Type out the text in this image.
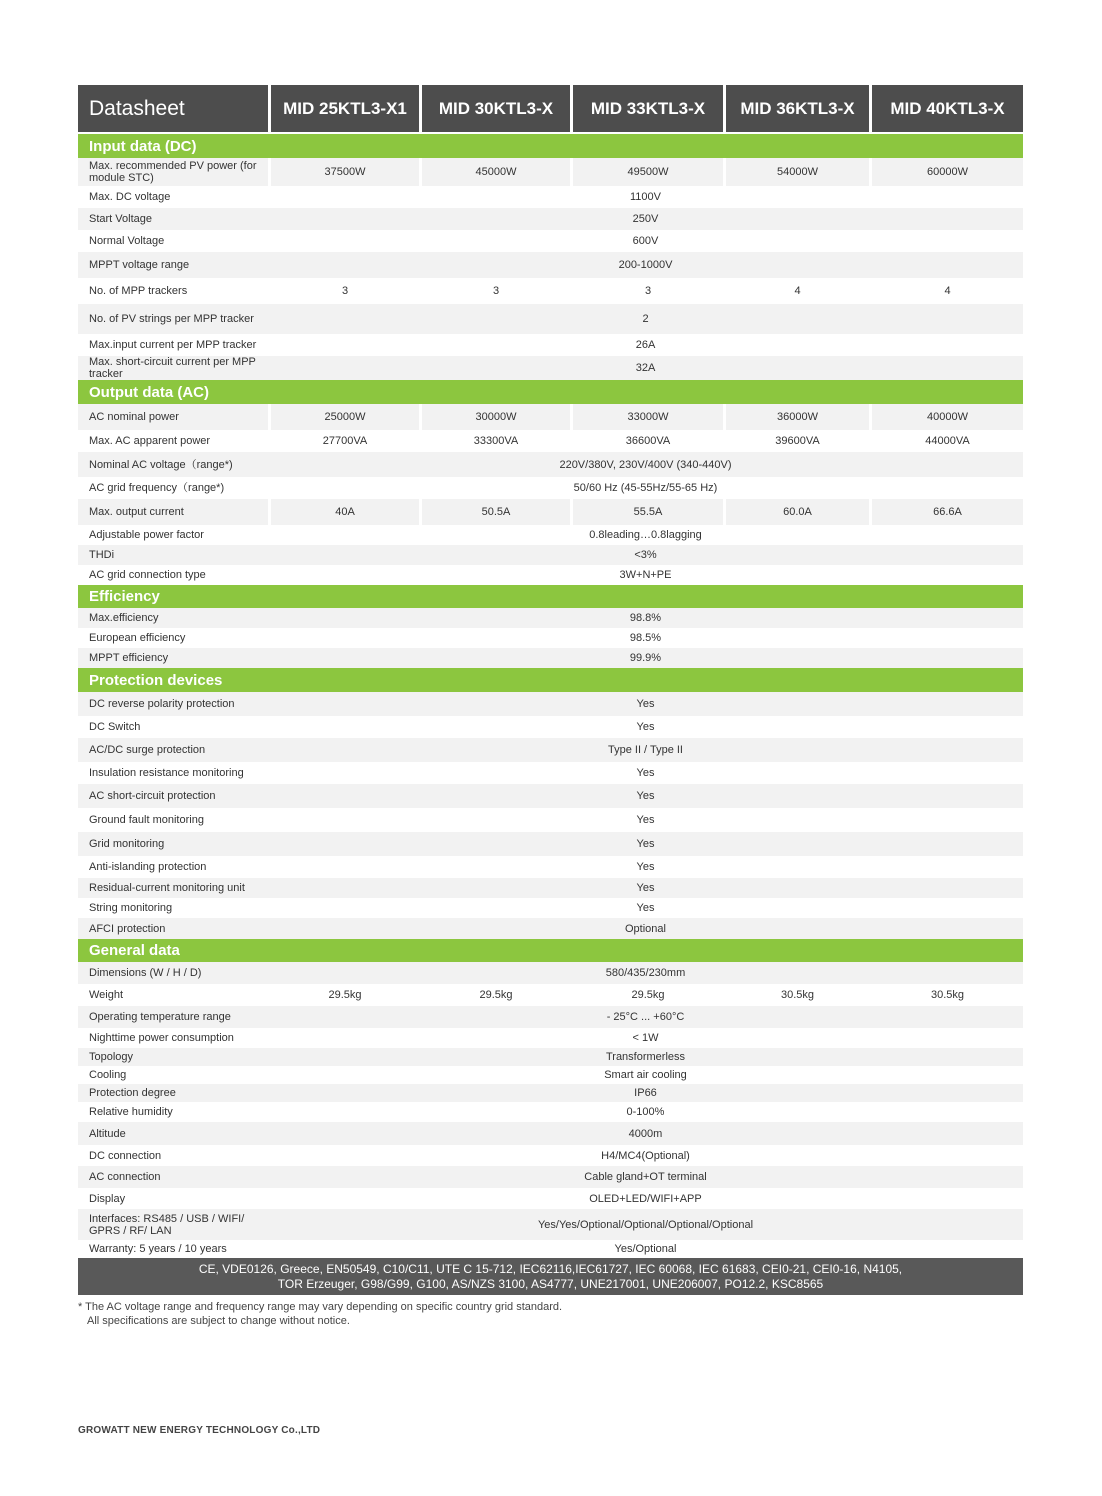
Datasheet	MID 25KTL3-X1	MID 30KTL3-X	MID 33KTL3-X	MID 36KTL3-X	MID 40KTL3-X
Input data (DC)
Max. recommended PV power (for module STC)	37500W	45000W	49500W	54000W	60000W
Max. DC voltage	1100V
Start Voltage	250V
Normal Voltage	600V
MPPT voltage range	200-1000V
No. of MPP trackers	3	3	3	4	4
No. of PV strings per MPP tracker	2
Max.input current per MPP tracker	26A
Max. short-circuit current per MPP tracker	32A
Output data (AC)
AC nominal power	25000W	30000W	33000W	36000W	40000W
Max. AC apparent power	27700VA	33300VA	36600VA	39600VA	44000VA
Nominal AC voltage（range*)	220V/380V, 230V/400V (340-440V)
AC grid frequency（range*)	50/60 Hz (45-55Hz/55-65 Hz)
Max. output current	40A	50.5A	55.5A	60.0A	66.6A
Adjustable power factor	0.8leading…0.8lagging
THDi	<3%
AC grid connection type	3W+N+PE
Efficiency
Max.efficiency	98.8%
European efficiency	98.5%
MPPT efficiency	99.9%
Protection devices
DC reverse polarity protection	Yes
DC Switch	Yes
AC/DC surge protection	Type II / Type II
Insulation resistance monitoring	Yes
AC short-circuit protection	Yes
Ground fault monitoring	Yes
Grid monitoring	Yes
Anti-islanding protection	Yes
Residual-current monitoring unit	Yes
String monitoring	Yes
AFCI protection	Optional
General data
Dimensions (W / H / D)	580/435/230mm
Weight	29.5kg	29.5kg	29.5kg	30.5kg	30.5kg
Operating temperature range	- 25°C ... +60°C
Nighttime power consumption	< 1W
Topology	Transformerless
Cooling	Smart air cooling
Protection degree	IP66
Relative humidity	0-100%
Altitude	4000m
DC connection	H4/MC4(Optional)
AC connection	Cable gland+OT terminal
Display	OLED+LED/WIFI+APP
Interfaces: RS485 / USB / WIFI/ GPRS / RF/ LAN	Yes/Yes/Optional/Optional/Optional/Optional
Warranty: 5 years / 10 years	Yes/Optional
CE, VDE0126, Greece, EN50549, C10/C11, UTE C 15-712, IEC62116,IEC61727, IEC 60068, IEC 61683, CEI0-21, CEI0-16, N4105,
TOR Erzeuger, G98/G99, G100, AS/NZS 3100, AS4777, UNE217001, UNE206007, PO12.2, KSC8565
* The AC voltage range and frequency range may vary depending on specific country grid standard.
All specifications are subject to change without notice.
GROWATT NEW ENERGY TECHNOLOGY Co.,LTD
